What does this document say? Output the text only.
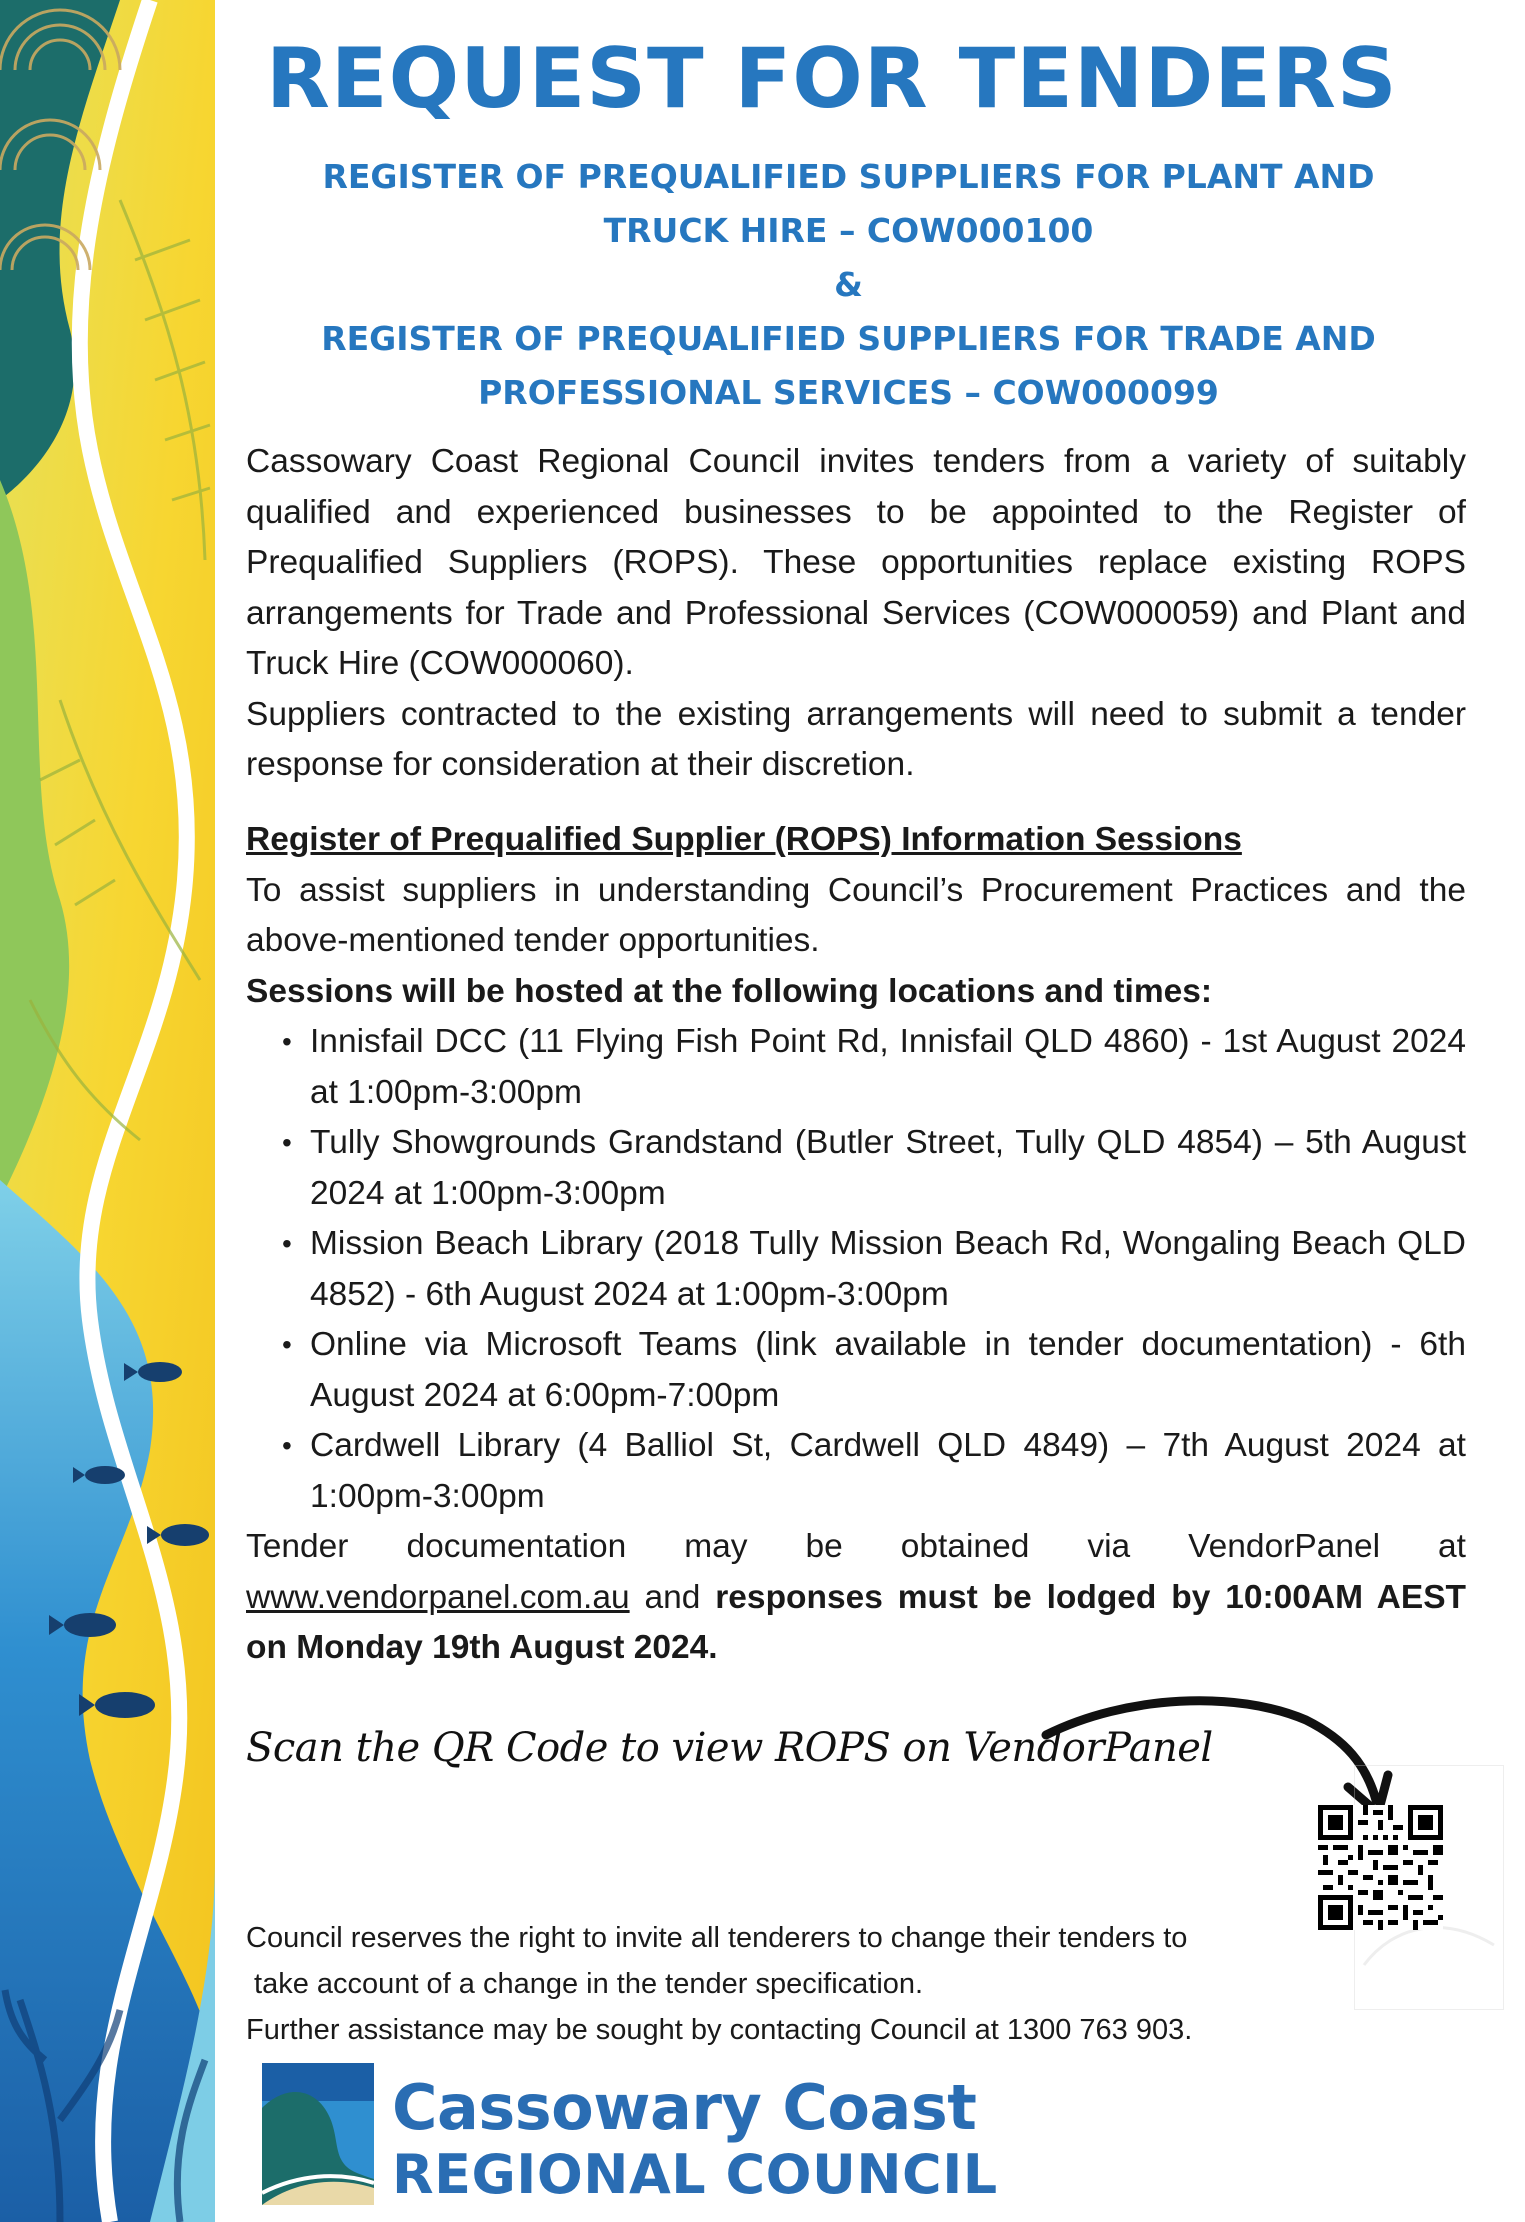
REQUEST FOR TENDERS
REGISTER OF PREQUALIFIED SUPPLIERS FOR PLANT AND
TRUCK HIRE – COW000100
&
REGISTER OF PREQUALIFIED SUPPLIERS FOR TRADE AND
PROFESSIONAL SERVICES – COW000099

Cassowary Coast Regional Council invites tenders from a variety of suitably qualified and experienced businesses to be appointed to the Register of Prequalified Suppliers (ROPS). These opportunities replace existing ROPS arrangements for Trade and Professional Services (COW000059) and Plant and Truck Hire (COW000060).

Suppliers contracted to the existing arrangements will need to submit a tender response for consideration at their discretion.

Register of Prequalified Supplier (ROPS) Information Sessions

To assist suppliers in understanding Council’s Procurement Practices and the above-mentioned tender opportunities.

Sessions will be hosted at the following locations and times:

• Innisfail DCC (11 Flying Fish Point Rd, Innisfail QLD 4860) - 1st August 2024 at 1:00pm-3:00pm
• Tully Showgrounds Grandstand (Butler Street, Tully QLD 4854) – 5th August 2024 at 1:00pm-3:00pm
• Mission Beach Library (2018 Tully Mission Beach Rd, Wongaling Beach QLD 4852) - 6th August 2024 at 1:00pm-3:00pm
• Online via Microsoft Teams (link available in tender documentation) - 6th August 2024 at 6:00pm-7:00pm
• Cardwell Library (4 Balliol St, Cardwell QLD 4849) – 7th August 2024 at 1:00pm-3:00pm

Tender documentation may be obtained via VendorPanel at www.vendorpanel.com.au and responses must be lodged by 10:00AM AEST on Monday 19th August 2024.

Scan the QR Code to view ROPS on VendorPanel

Council reserves the right to invite all tenderers to change their tenders to

take account of a change in the tender specification.

Further assistance may be sought by contacting Council at 1300 763 903.

Cassowary Coast
REGIONAL COUNCIL
